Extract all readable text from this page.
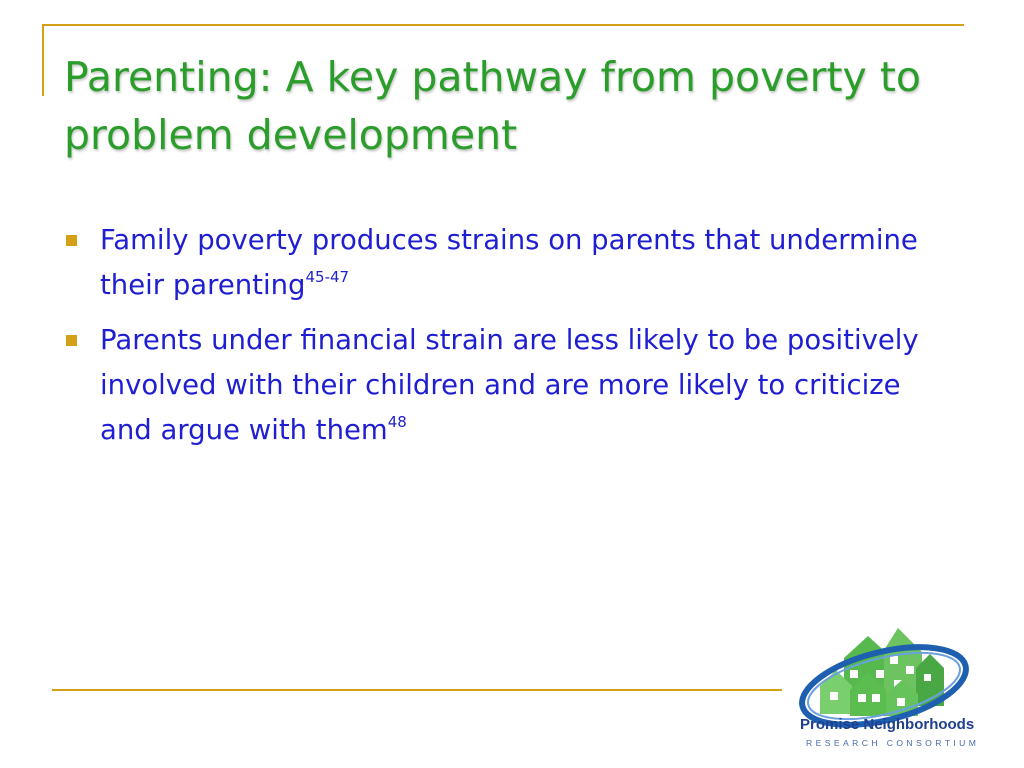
Parenting: A key pathway from poverty to problem development
Family poverty produces strains on parents that undermine their parenting$^{45-47}$
Parents under financial strain are less likely to be positively involved with their children and are more likely to criticize and argue with them$^{48}$
Promise Neighborhoods
RESEARCH CONSORTIUM
